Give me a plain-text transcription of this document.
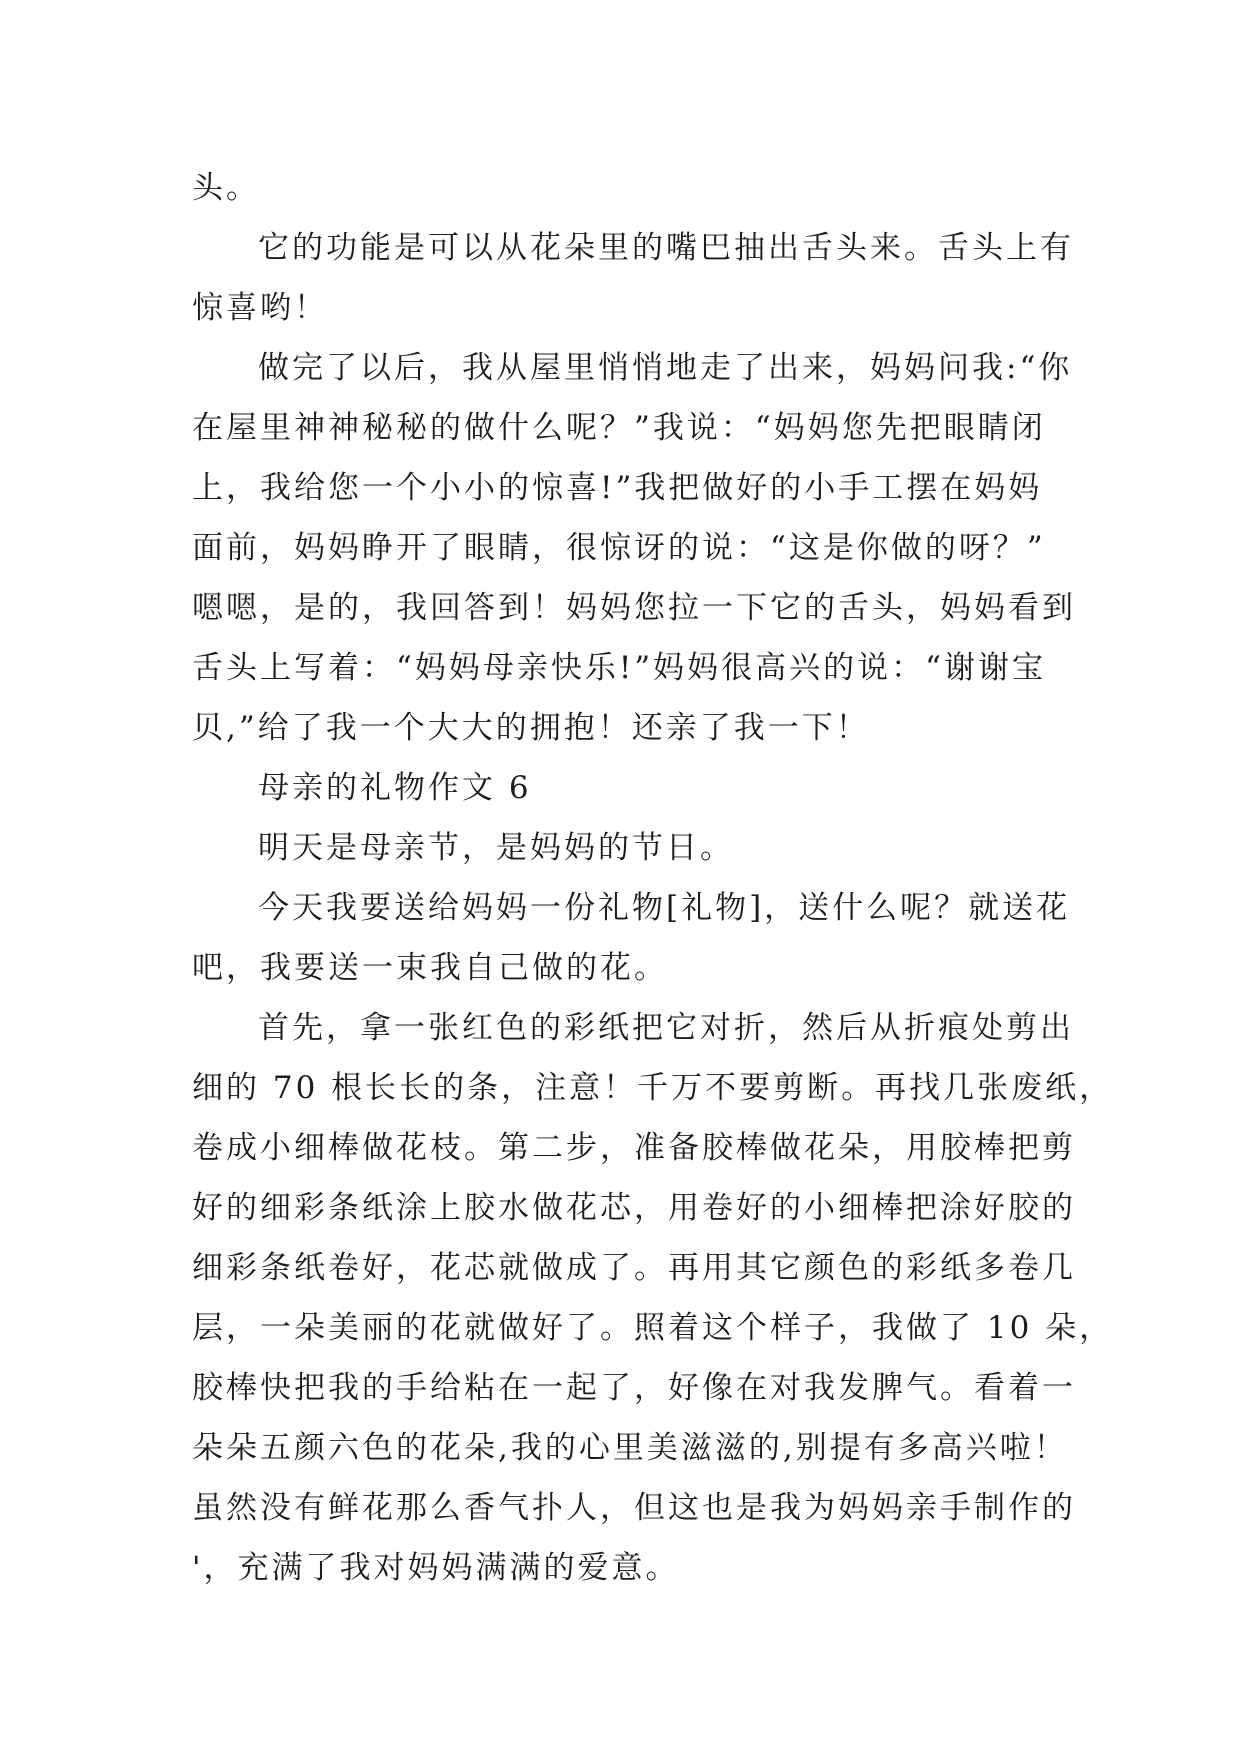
头。
它的功能是可以从花朵里的嘴巴抽出舌头来。舌头上有
惊喜哟！
做完了以后，我从屋里悄悄地走了出来，妈妈问我:“你
在屋里神神秘秘的做什么呢？”我说：“妈妈您先把眼睛闭
上，我给您一个小小的惊喜!”我把做好的小手工摆在妈妈
面前，妈妈睁开了眼睛，很惊讶的说：“这是你做的呀？”
嗯嗯，是的，我回答到！妈妈您拉一下它的舌头，妈妈看到
舌头上写着：“妈妈母亲快乐!”妈妈很高兴的说：“谢谢宝
贝,”给了我一个大大的拥抱！还亲了我一下！
母亲的礼物作文 6
明天是母亲节，是妈妈的节日。
今天我要送给妈妈一份礼物[礼物]，送什么呢？就送花
吧，我要送一束我自己做的花。
首先，拿一张红色的彩纸把它对折，然后从折痕处剪出
细的 70 根长长的条，注意！千万不要剪断。再找几张废纸，
卷成小细棒做花枝。第二步，准备胶棒做花朵，用胶棒把剪
好的细彩条纸涂上胶水做花芯，用卷好的小细棒把涂好胶的
细彩条纸卷好，花芯就做成了。再用其它颜色的彩纸多卷几
层，一朵美丽的花就做好了。照着这个样子，我做了 10 朵，
胶棒快把我的手给粘在一起了，好像在对我发脾气。看着一
朵朵五颜六色的花朵,我的心里美滋滋的,别提有多高兴啦！
虽然没有鲜花那么香气扑人，但这也是我为妈妈亲手制作的
'，充满了我对妈妈满满的爱意。
